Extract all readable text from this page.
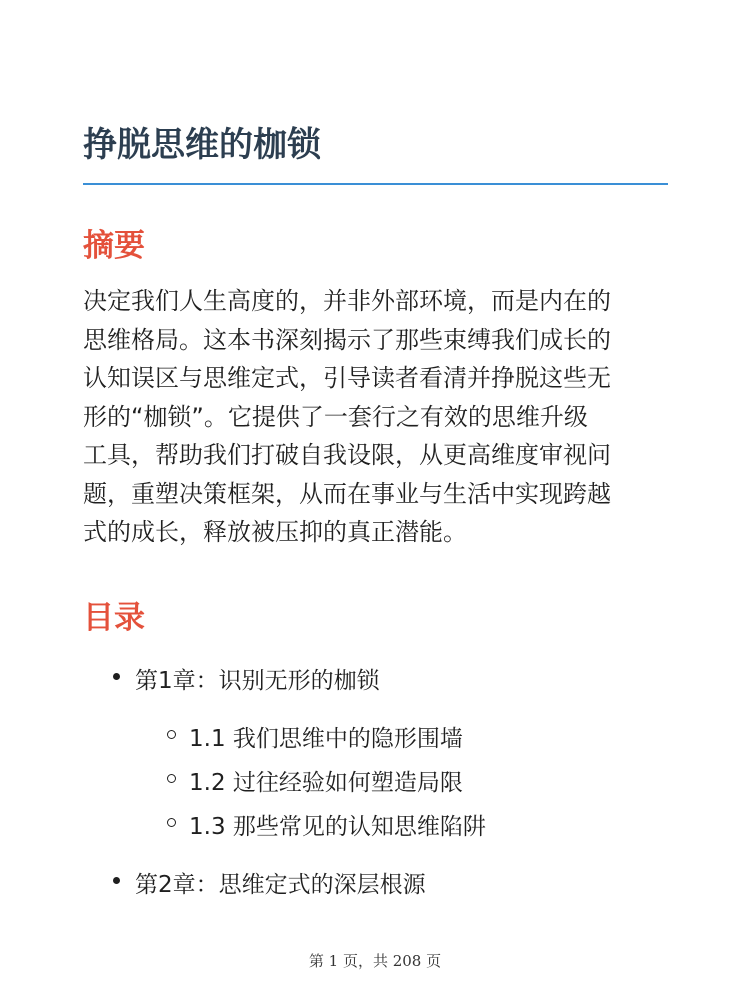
挣脱思维的枷锁
摘要

决定我们人生高度的，并非外部环境，而是内在的
思维格局。这本书深刻揭示了那些束缚我们成长的
认知误区与思维定式，引导读者看清并挣脱这些无
形的“枷锁”。它提供了一套行之有效的思维升级
工具，帮助我们打破自我设限，从更高维度审视问
题，重塑决策框架，从而在事业与生活中实现跨越
式的成长，释放被压抑的真正潜能。

目录
第1章：识别无形的枷锁
1.1 我们思维中的隐形围墙
1.2 过往经验如何塑造局限
1.3 那些常见的认知思维陷阱
第2章：思维定式的深层根源
第 1 页，共 208 页
